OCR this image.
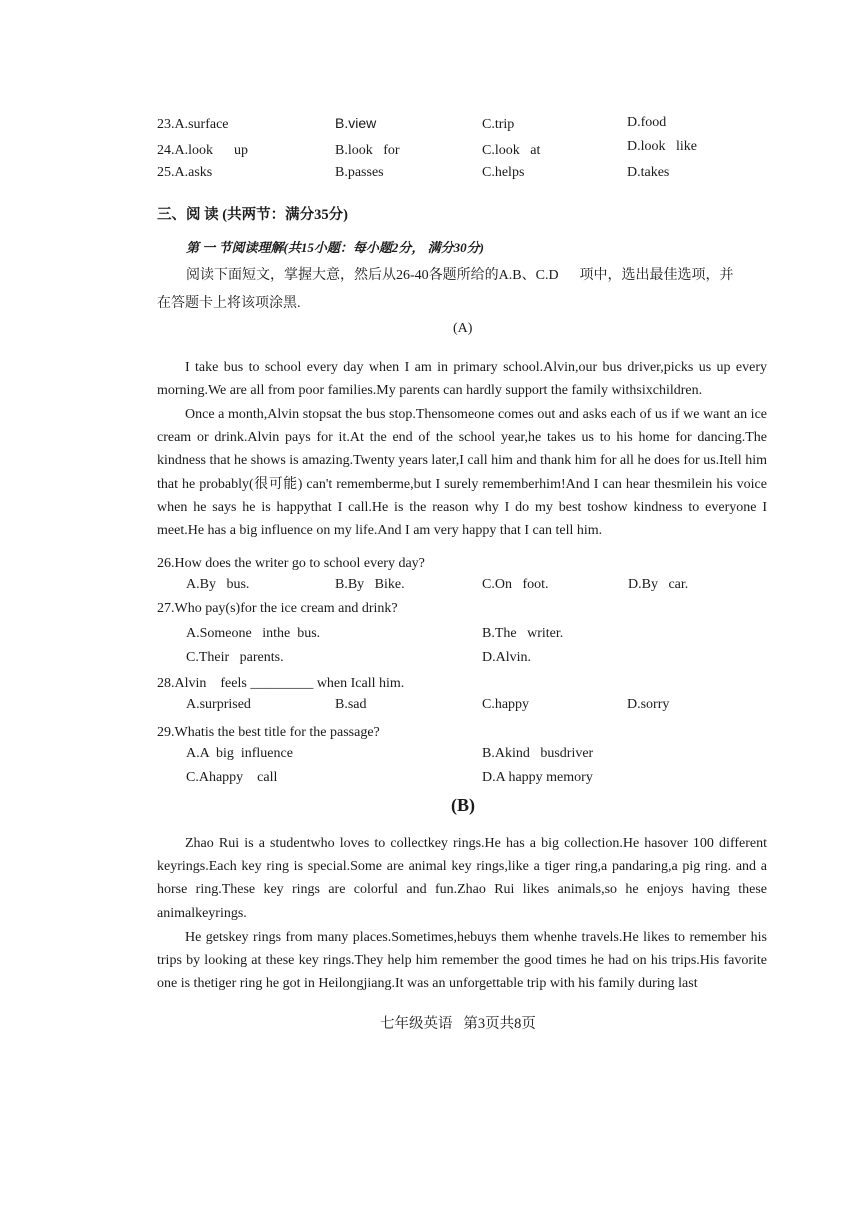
23.A.surface	B.view	C.trip	D.food
24.A.look      up	B.look   for	C.look   at	D.look   like
25.A.asks	B.passes	C.helps	D.takes
三、阅 读 (共两节：满分35分)
第 一 节阅读理解(共15小题：每小题2分， 满分30分)
阅读下面短文，掌握大意，然后从26-40各题所给的A.B、C.D      项中，选出最佳选项，并
在答题卡上将该项涂黑.
(A)
I take bus to school every day when I am in primary school.Alvin,our bus driver,picks us up every morning.We are all from poor families.My parents can hardly support the family withsixchildren.
Once a month,Alvin stopsat the bus stop.Thensomeone comes out and asks each of us if we want an ice cream or drink.Alvin pays for it.At the end of the school year,he takes us to his home for dancing.The kindness that he shows is amazing.Twenty years later,I call him and thank him for all he does for us.Itell him that he probably(很可能) can't rememberme,but I surely rememberhim!And I can hear thesmilein his voice when he says he is happythat I call.He is the reason why I do my best toshow kindness to everyone I meet.He has a big influence on my life.And I am very happy that I can tell him.
26.How does the writer go to school every day?
A.By   bus.	B.By   Bike.	C.On   foot.	D.By   car.
27.Who pay(s)for the ice cream and drink?
A.Someone   inthe  bus.	B.The   writer.
C.Their   parents.	D.Alvin.
28.Alvin    feels _________ when Icall him.
A.surprised	B.sad	C.happy	D.sorry
29.Whatis the best title for the passage?
A.A  big  influence	B.Akind   busdriver
C.Ahappy    call	D.A happy memory
(B)
Zhao Rui is a studentwho loves to collectkey rings.He has a big collection.He hasover 100 different keyrings.Each key ring is special.Some are animal key rings,like a tiger ring,a pandaring,a pig ring. and a horse ring.These key rings are colorful and fun.Zhao Rui likes animals,so he enjoys having these animalkeyrings.
He getskey rings from many places.Sometimes,hebuys them whenhe travels.He likes to remember his trips by looking at these key rings.They help him remember the good times he had on his trips.His favorite one is thetiger ring he got in Heilongjiang.It was an unforgettable trip with his family during last
七年级英语   第3页共8页
